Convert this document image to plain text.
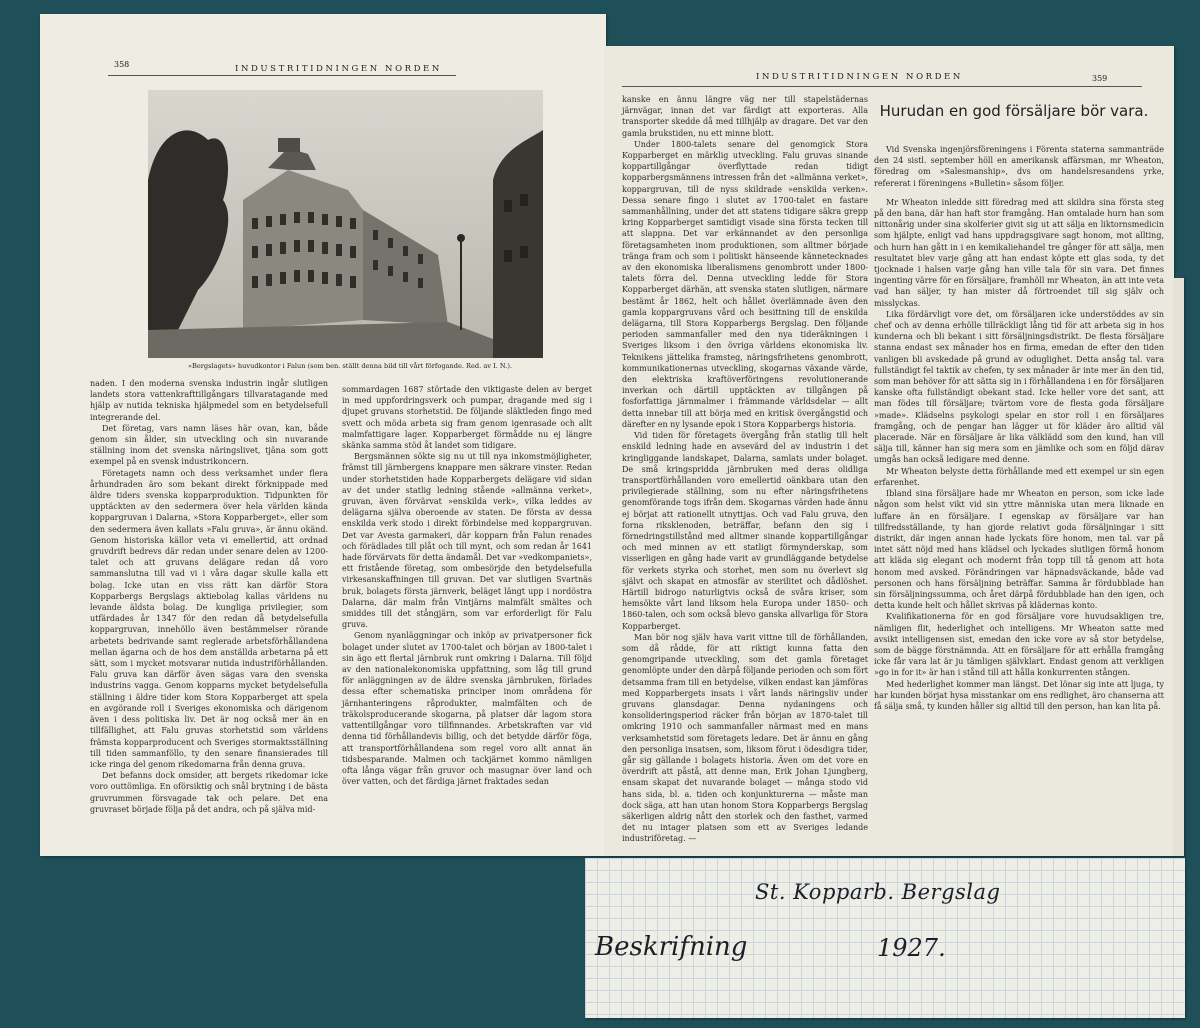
358	INDUSTRITIDNINGEN NORDEN
»Bergslagets» huvudkontor i Falun (som ben. ställt denna bild till vårt förfogande. Red. av I. N.).

naden. I den moderna svenska industrin ingår slutligen landets stora vattenkrafttillgångars tillvaratagande med hjälp av nutida tekniska hjälpmedel som en betydelsefull integrerande del.

Det företag, vars namn läses här ovan, kan, både genom sin ålder, sin utveckling och sin nuvarande ställning inom det svenska näringslivet, tjäna som gott exempel på en svensk industrikoncern.

Företagets namn och dess verksamhet under flera århundraden äro som bekant direkt förknippade med äldre tiders svenska kopparproduktion. Tidpunkten för upptäckten av den sedermera över hela världen kända koppargruvan i Dalarna, »Stora Kopparberget», eller som den sedermera även kallats »Falu gruva», är ännu okänd. Genom historiska källor veta vi emellertid, att ordnad gruvdrift bedrevs där redan under senare delen av 1200-talet och att gruvans delägare redan då voro sammanslutna till vad vi i våra dagar skulle kalla ett bolag. Icke utan en viss rätt kan därför Stora Kopparbergs Bergslags aktiebolag kallas världens nu levande äldsta bolag. De kungliga privilegier, som utfärdades år 1347 för den redan då betydelsefulla koppargruvan, innehöllo även bestämmelser rörande arbetets bedrivande samt reglerade arbetsförhållandena mellan ägarna och de hos dem anställda arbetarna på ett sätt, som i mycket motsvarar nutida industriförhållanden. Falu gruva kan därför även sägas vara den svenska industrins vagga. Genom kopparns mycket betydelsefulla ställning i äldre tider kom Stora Kopparberget att spela en avgörande roll i Sveriges ekonomiska och därigenom även i dess politiska liv. Det är nog också mer än en tillfällighet, att Falu gruvas storhetstid som världens främsta kopparproducent och Sveriges stormaktsställning till tiden sammanföllo, ty den senare finansierades till icke ringa del genom rikedomarna från denna gruva.

Det befanns dock omsider, att bergets rikedomar icke voro outtömliga. En oförsiktig och snål brytning i de bästa gruvrummen försvagade tak och pelare. Det ena gruvraset började följa på det andra, och på själva mid-

sommardagen 1687 störtade den viktigaste delen av berget in med uppfordringsverk och pumpar, dragande med sig i djupet gruvans storhetstid. De följande släktleden fingo med svett och möda arbeta sig fram genom igenrasade och allt malmfattigare lager. Kopparberget förmådde nu ej längre skänka samma stöd åt landet som tidigare.

Bergsmännen sökte sig nu ut till nya inkomstmöjligheter, främst till järnbergens knappare men säkrare vinster. Redan under storhetstiden hade Kopparbergets delägare vid sidan av det under statlig ledning stående »allmänna verket», gruvan, även förvärvat »enskilda verk», vilka leddes av delägarna själva oberoende av staten. De första av dessa enskilda verk stodo i direkt förbindelse med koppargruvan. Det var Avesta garmakeri, där kopparn från Falun renades och förädlades till plåt och till mynt, och som redan år 1641 hade förvärvats för detta ändamål. Det var »vedkompaniets», ett fristående företag, som ombesörjde den betydelsefulla virkesanskaffningen till gruvan. Det var slutligen Svartnäs bruk, bolagets första järnverk, beläget längt upp i nordöstra Dalarna, där malm från Vintjärns malmfält smältes och smiddes till det stångjärn, som var erforderligt för Falu gruva.

Genom nyanläggningar och inköp av privatpersoner fick bolaget under slutet av 1700-talet och början av 1800-talet i sin ägo ett flertal järnbruk runt omkring i Dalarna. Till följd av den nationalekonomiska uppfattning, som låg till grund för anläggningen av de äldre svenska järnbruken, förlades dessa efter schematiska principer inom områdena för järnhanteringens råprodukter, malmfälten och de träkolsproducerande skogarna, på platser där lagom stora vattentillgångar voro tillfinnandes. Arbetskraften var vid denna tid förhållandevis billig, och det betydde därför föga, att transportförhållandena som regel voro allt annat än tidsbesparande. Malmen och tackjärnet kommo nämligen ofta långa vägar från gruvor och masugnar över land och över vatten, och det färdiga järnet fraktades sedan

INDUSTRITIDNINGEN NORDEN	359

kanske en ännu längre väg ner till stapelstädernas järnvägar, innan det var färdigt att exporteras. Alla transporter skedde då med tillhjälp av dragare. Det var den gamla brukstiden, nu ett minne blott.

Under 1800-talets senare del genomgick Stora Kopparberget en märklig utveckling. Falu gruvas sinande koppartillgångar överflyttade redan tidigt kopparbergsmännens intressen från det »allmänna verket», koppargruvan, till de nyss skildrade »enskilda verken». Dessa senare fingo i slutet av 1700-talet en fastare sammanhållning, under det att statens tidigare säkra grepp kring Kopparberget samtidigt visade sina första tecken till att slappna. Det var erkännandet av den personliga företagsamheten inom produktionen, som alltmer började tränga fram och som i politiskt hänseende kännetecknades av den ekonomiska liberalismens genombrott under 1800-talets förra del. Denna utveckling ledde för Stora Kopparberget därhän, att svenska staten slutligen, närmare bestämt år 1862, helt och hållet överlämnade även den gamla koppargruvans vård och besittning till de enskilda delägarna, till Stora Kopparbergs Bergslag. Den följande perioden sammanfaller med den nya tideräkningen i Sveriges liksom i den övriga världens ekonomiska liv. Teknikens jättelika framsteg, näringsfrihetens genombrott, kommunikationernas utveckling, skogarnas växande värde, den elektriska kraftöverföringens revolutionerande inverkan och därtill upptäckten av tillgången på fosforfattiga järnmalmer i främmande världsdelar — allt detta innebar till att börja med en kritisk övergångstid och därefter en ny lysande epok i Stora Kopparbergs historia.

Vid tiden för företagets övergång från statlig till helt enskild ledning hade en avsevärd del av industrin i det kringliggande landskapet, Dalarna, samlats under bolaget. De små kringspridda järnbruken med deras olidliga transportförhållanden voro emellertid oänkbara utan den privilegierade ställning, som nu efter näringsfrihetens genomförande togs ifrån dem. Skogarnas värden hade ännu ej börjat att rationellt utnyttjas. Och vad Falu gruva, den forna riksklenoden, beträffar, befann den sig i förnedringstillstånd med alltmer sinande koppartillgångar och med minnen av ett statligt förmynderskap, som visserligen en gång hade varit av grundläggande betydelse för verkets styrka och storhet, men som nu överlevt sig självt och skapat en atmosfär av sterilitet och dådlöshet. Härtill bidrogo naturligtvis också de svåra kriser, som hemsökte vårt land liksom hela Europa under 1850- och 1860-talen, och som också blevo ganska allvarliga för Stora Kopparberget.

Man bör nog själv hava varit vittne till de förhållanden, som då rådde, för att riktigt kunna fatta den genomgripande utveckling, som det gamla företaget genomlöpte under den därpå följande perioden och som fört detsamma fram till en betydelse, vilken endast kan jämföras med Kopparbergets insats i vårt lands näringsliv under gruvans glansdagar. Denna nydaningens och konsolideringsperiod räcker från början av 1870-talet till omkring 1910 och sammanfaller närmast med en mans verksamhetstid som företagets ledare. Det är ännu en gång den personliga insatsen, som, liksom förut i ödesdigra tider, går sig gällande i bolagets historia. Även om det vore en överdrift att påstå, att denne man, Erik Johan Ljungberg, ensam skapat det nuvarande bolaget — många stodo vid hans sida, bl. a. tiden och konjunkturerna — måste man dock säga, att han utan honom Stora Kopparbergs Bergslag säkerligen aldrig nått den storlek och den fasthet, varmed det nu intager platsen som ett av Sveriges ledande industriföretag. —

Hurudan en god försäljare bör vara.

Vid Svenska ingenjörsföreningens i Förenta staterna sammanträde den 24 sistl. september höll en amerikansk affärsman, mr Wheaton, föredrag om »Salesmanship», dvs om handelsresandens yrke, refererat i föreningens »Bulletin» såsom följer.

Mr Wheaton inledde sitt föredrag med att skildra sina första steg på den bana, där han haft stor framgång. Han omtalade hurn han som nittonårig under sina skolferier givit sig ut att sälja en liktornsmedicin som hjälpte, enligt vad hans uppdragsgivare sagt honom, mot allting, och hurn han gått in i en kemikaliehandel tre gånger för att sälja, men resultatet blev varje gång att han endast köpte ett glas soda, ty det tjocknade i halsen varje gång han ville tala för sin vara. Det finnes ingenting värre för en försäljare, framhöll mr Wheaton, än att inte veta vad han säljer, ty han mister då förtroendet till sig själv och misslyckas.

Lika fördärvligt vore det, om försäljaren icke understöddes av sin chef och av denna erhölle tillräckligt lång tid för att arbeta sig in hos kunderna och bli bekant i sitt försäljningsdistrikt. De flesta försäljare stanna endast sex månader hos en firma, emedan de efter den tiden vanligen bli avskedade på grund av oduglighet. Detta ansåg tal. vara fullständigt fel taktik av chefen, ty sex månader är inte mer än den tid, som man behöver för att sätta sig in i förhållandena i en för försäljaren kanske ofta fullständigt obekant stad. Icke heller vore det sant, att man födes till försäljare; tvärtom vore de flesta goda försäljare »made». Klädselns psykologi spelar en stor roll i en försäljares framgång, och de pengar han lägger ut för kläder äro alltid väl placerade. När en försäljare är lika välklädd som den kund, han vill sälja till, känner han sig mera som en jämlike och som en följd därav umgås han också ledigare med denne.

Mr Wheaton belyste detta förhållande med ett exempel ur sin egen erfarenhet.

Ibland sina försäljare hade mr Wheaton en person, som icke lade någon som helst vikt vid sin yttre människa utan mera liknade en luffare än en försäljare. I egenskap av försäljare var han tillfredsställande, ty han gjorde relativt goda försäljningar i sitt distrikt, där ingen annan hade lyckats före honom, men tal. var på intet sätt nöjd med hans klädsel och lyckades slutligen förmå honom att kläda sig elegant och modernt från topp till tå genom att hota honom med avsked. Förändringen var häpnadsväckande, både vad personen och hans försäljning beträffar. Samma år fördubblade han sin försäljningssumma, och året därpå fördubblade han den igen, och detta kunde helt och hållet skrivas på klädernas konto.

Kvalifikationerna för en god försäljare vore huvudsakligen tre, nämligen flit, hederlighet och intelligens. Mr Wheaton satte med avsikt intelligensen sist, emedan den icke vore av så stor betydelse, som de bägge förstnämnda. Att en försäljare för att erhålla framgång icke får vara lat är ju tämligen självklart. Endast genom att verkligen »go in for it» är han i stånd till att hålla konkurrenten stången.

Med hederlighet kommer man längst. Det lönar sig inte att ljuga, ty har kunden börjat hysa misstankar om ens redlighet, äro chanserna att få sälja små, ty kunden håller sig alltid till den person, han kan lita på.

St. Kopparb. Bergslag
Beskrifning	1927.
